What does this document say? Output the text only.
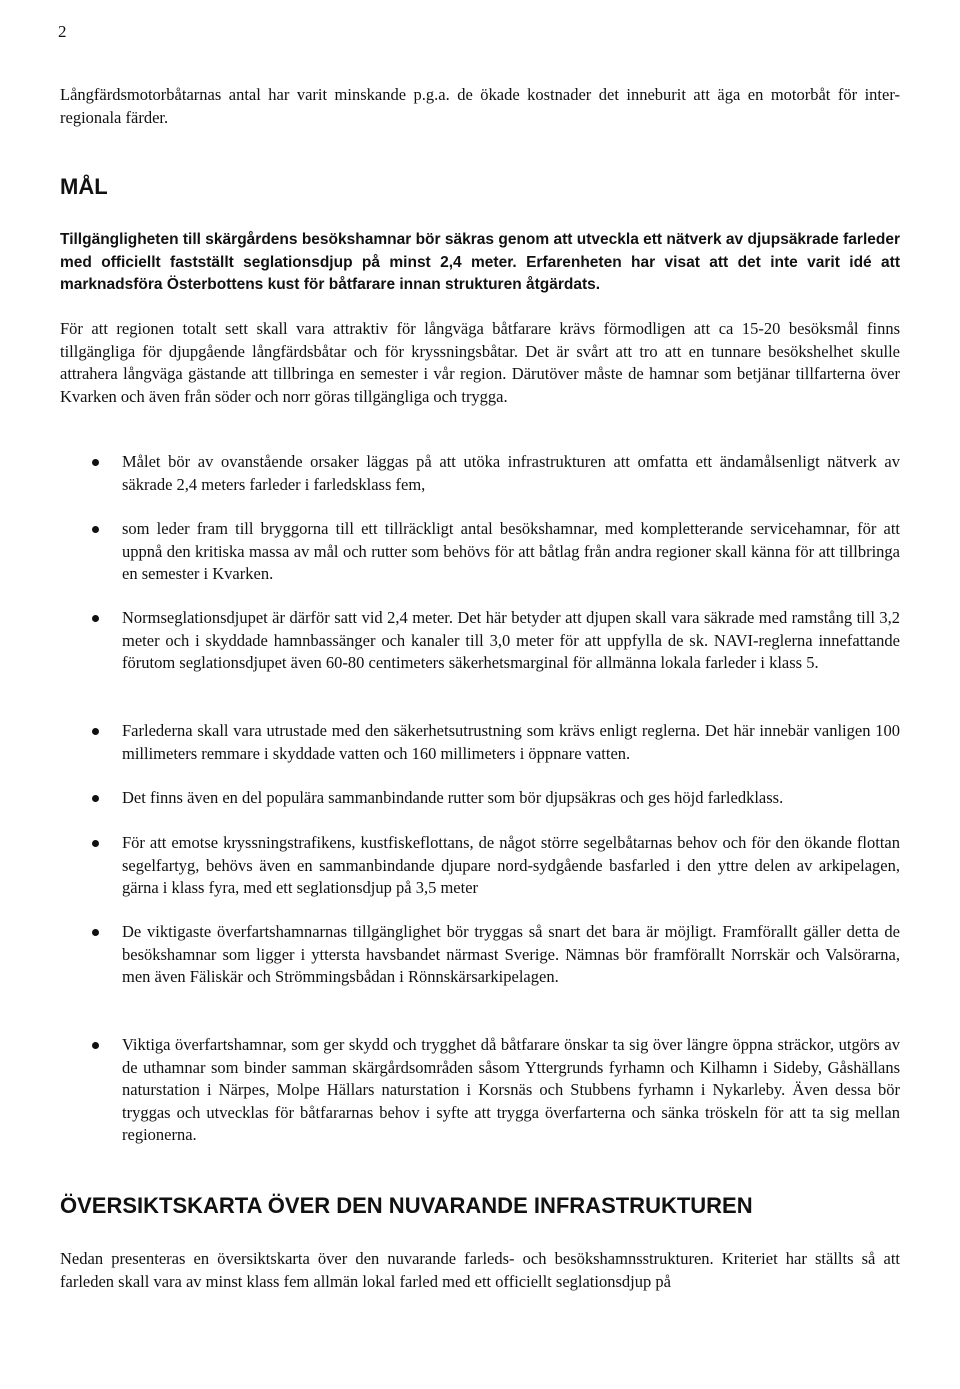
2

Långfärdsmotorbåtarnas antal har varit minskande p.g.a. de ökade kostnader det inneburit att äga en motorbåt för inter-regionala färder.

MÅL

Tillgängligheten till skärgårdens besökshamnar bör säkras genom att utveckla ett nätverk av djupsäkrade farleder med officiellt fastställt seglationsdjup på minst 2,4 meter. Erfarenheten har visat att det inte varit idé att marknadsföra Österbottens kust för båtfarare innan strukturen åtgärdats.

För att regionen totalt sett skall vara attraktiv för långväga båtfarare krävs förmodligen att ca 15-20 besöksmål finns tillgängliga för djupgående långfärdsbåtar och för kryssningsbåtar. Det är svårt att tro att en tunnare besökshelhet skulle attrahera långväga gästande att tillbringa en semester i vår region. Därutöver måste de hamnar som betjänar tillfarterna över Kvarken och även från söder och norr göras tillgängliga och trygga.

Målet bör av ovanstående orsaker läggas på att utöka infrastrukturen att omfatta ett ändamålsenligt nätverk av säkrade 2,4 meters farleder i farledsklass fem,

som leder fram till bryggorna till ett tillräckligt antal besökshamnar, med kompletterande servicehamnar, för att uppnå den kritiska massa av mål och rutter som behövs för att båtlag från andra regioner skall känna för att tillbringa en semester i Kvarken.

Normseglationsdjupet är därför satt vid 2,4 meter. Det här betyder att djupen skall vara säkrade med ramstång till 3,2 meter och i skyddade hamnbassänger och kanaler till 3,0 meter för att uppfylla de sk. NAVI-reglerna innefattande förutom seglationsdjupet även 60-80 centimeters säkerhetsmarginal för allmänna lokala farleder i klass 5.

Farlederna skall vara utrustade med den säkerhetsutrustning som krävs enligt reglerna. Det här innebär vanligen 100 millimeters remmare i skyddade vatten och 160 millimeters i öppnare vatten.

Det finns även en del populära sammanbindande rutter som bör djupsäkras och ges höjd farledklass.

För att emotse kryssningstrafikens, kustfiskeflottans, de något större segelbåtarnas behov och för den ökande flottan segelfartyg, behövs även en sammanbindande djupare nord-sydgående basfarled i den yttre delen av arkipelagen, gärna i klass fyra, med ett seglationsdjup på 3,5 meter

De viktigaste överfartshamnarnas tillgänglighet bör tryggas så snart det bara är möjligt. Framförallt gäller detta de besökshamnar som ligger i yttersta havsbandet närmast Sverige. Nämnas bör framförallt Norrskär och Valsörarna, men även Fäliskär och Strömmingsbådan i Rönnskärsarkipelagen.

Viktiga överfartshamnar, som ger skydd och trygghet då båtfarare önskar ta sig över längre öppna sträckor, utgörs av de uthamnar som binder samman skärgårdsområden såsom Yttergrunds fyrhamn och Kilhamn i Sideby, Gåshällans naturstation i Närpes, Molpe Hällars naturstation i Korsnäs och Stubbens fyrhamn i Nykarleby. Även dessa bör tryggas och utvecklas för båtfararnas behov i syfte att trygga överfarterna och sänka tröskeln för att ta sig mellan regionerna.

ÖVERSIKTSKARTA ÖVER DEN NUVARANDE INFRASTRUKTUREN

Nedan presenteras en översiktskarta över den nuvarande farleds- och besökshamnsstrukturen. Kriteriet har ställts så att farleden skall vara av minst klass fem allmän lokal farled med ett officiellt seglationsdjup på
